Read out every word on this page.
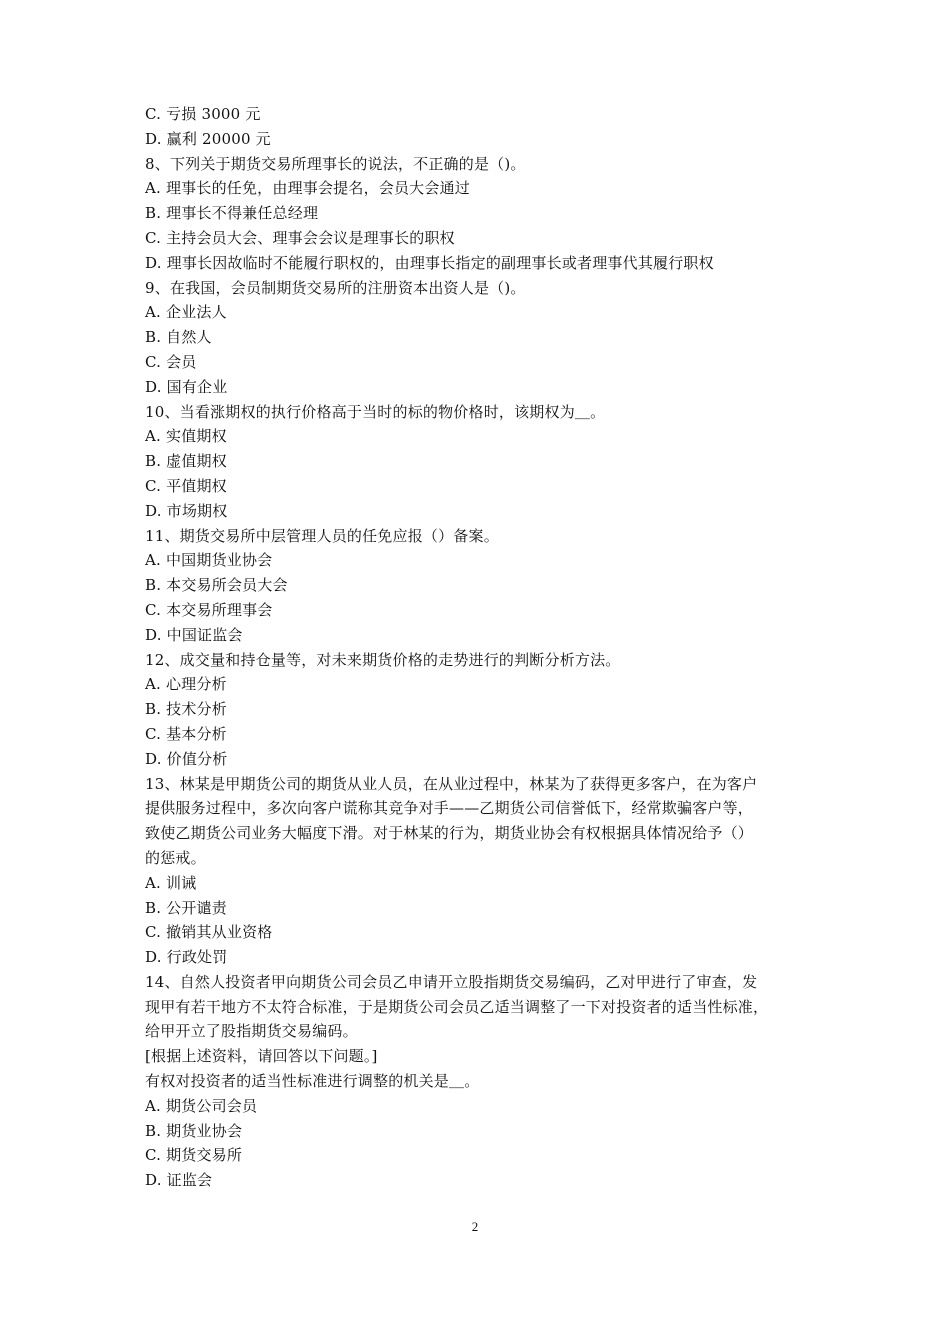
C. 亏损 3000 元
D. 赢利 20000 元
8、下列关于期货交易所理事长的说法，不正确的是（)。
A. 理事长的任免，由理事会提名，会员大会通过
B. 理事长不得兼任总经理
C. 主持会员大会、理事会会议是理事长的职权
D. 理事长因故临时不能履行职权的，由理事长指定的副理事长或者理事代其履行职权
9、在我国，会员制期货交易所的注册资本出资人是（)。
A. 企业法人
B. 自然人
C. 会员
D. 国有企业
10、当看涨期权的执行价格高于当时的标的物价格时，该期权为＿。
A. 实值期权
B. 虚值期权
C. 平值期权
D. 市场期权
11、期货交易所中层管理人员的任免应报（）备案。
A. 中国期货业协会
B. 本交易所会员大会
C. 本交易所理事会
D. 中国证监会
12、成交量和持仓量等，对未来期货价格的走势进行的判断分析方法。
A. 心理分析
B. 技术分析
C. 基本分析
D. 价值分析
13、林某是甲期货公司的期货从业人员，在从业过程中，林某为了获得更多客户，在为客户
提供服务过程中，多次向客户谎称其竞争对手——乙期货公司信誉低下，经常欺骗客户等，
致使乙期货公司业务大幅度下滑。对于林某的行为，期货业协会有权根据具体情况给予（）
的惩戒。
A. 训诫
B. 公开谴责
C. 撤销其从业资格
D. 行政处罚
14、自然人投资者甲向期货公司会员乙申请开立股指期货交易编码，乙对甲进行了审查，发
现甲有若干地方不太符合标准，于是期货公司会员乙适当调整了一下对投资者的适当性标准，
给甲开立了股指期货交易编码。
[根据上述资料，请回答以下问题。]
有权对投资者的适当性标准进行调整的机关是＿。
A. 期货公司会员
B. 期货业协会
C. 期货交易所
D. 证监会
2
